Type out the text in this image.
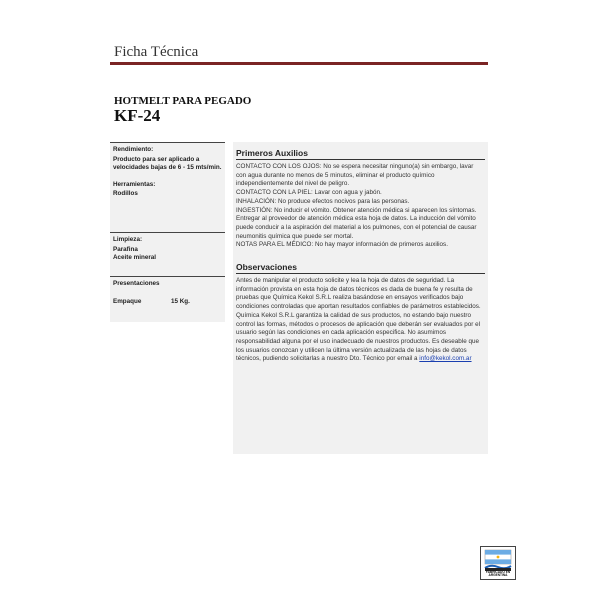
Ficha Técnica
HOTMELT PARA PEGADO
KF-24
Rendimiento:
Producto para ser aplicado a velocidades bajas de 6 - 15 mts/min.
Herramientas:
Rodillos
Limpieza:
Parafina
Aceite mineral
Presentaciones
Empaque	15 Kg.
Primeros Auxilios

CONTACTO CON LOS OJOS: No se espera necesitar ninguno(a) sin embargo, lavar con agua durante no menos de 5 minutos, eliminar el producto químico independientemente del nivel de peligro.

CONTACTO CON LA PIEL: Lavar con agua y jabón.

INHALACIÓN: No produce efectos nocivos para las personas.

INGESTIÓN: No inducir el vómito. Obtener atención médica si aparecen los síntomas. Entregar al proveedor de atención médica esta hoja de datos. La inducción del vómito puede conducir a la aspiración del material a los pulmones, con el potencial de causar neumonitis química que puede ser mortal.

NOTAS PARA EL MÉDICO: No hay mayor información de primeros auxilios.

Observaciones

Antes de manipular el producto solicite y lea la hoja de datos de seguridad. La información provista en esta hoja de datos técnicos es dada de buena fe y resulta de pruebas que Química Kekol S.R.L realiza basándose en ensayos verificados bajo condiciones controladas que aportan resultados confiables de parámetros establecidos.

Química Kekol S.R.L garantiza la calidad de sus productos, no estando bajo nuestro control las formas, métodos o procesos de aplicación que deberán ser evaluados por el usuario según las condiciones en cada aplicación especifica. No asumimos responsabilidad alguna por el uso inadecuado de nuestros productos. Es deseable que los usuarios conozcan y utilicen la última versión actualizada de las hojas de datos técnicos, pudiendo solicitarlas a nuestro Dto. Técnico por email a info@kekol.com.ar

FABRICADO EN ARGENTINA
